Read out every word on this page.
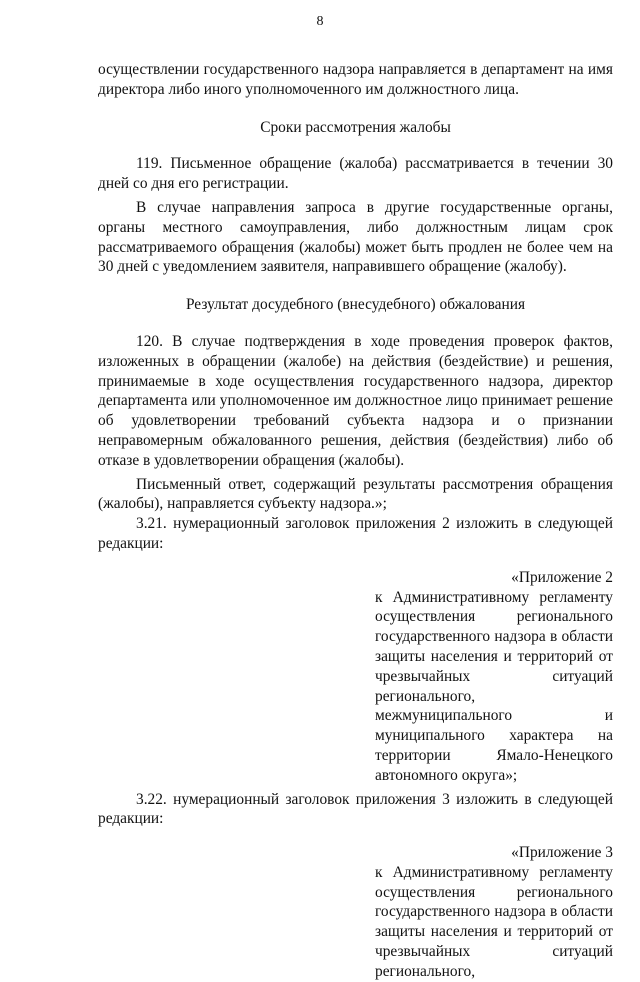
8

осуществлении государственного надзора направляется в департамент на имя директора либо иного уполномоченного им должностного лица.

Сроки рассмотрения жалобы

119. Письменное обращение (жалоба) рассматривается в течении 30 дней со дня его регистрации.

В случае направления запроса в другие государственные органы, органы местного самоуправления, либо должностным лицам срок рассматриваемого обращения (жалобы) может быть продлен не более чем на 30 дней с уведомлением заявителя, направившего обращение (жалобу).

Результат досудебного (внесудебного) обжалования

120. В случае подтверждения в ходе проведения проверок фактов, изложенных в обращении (жалобе) на действия (бездействие) и решения, принимаемые в ходе осуществления государственного надзора, директор департамента или уполномоченное им должностное лицо принимает решение об удовлетворении требований субъекта надзора и о признании неправомерным обжалованного решения, действия (бездействия) либо об отказе в удовлетворении обращения (жалобы).

Письменный ответ, содержащий результаты рассмотрения обращения (жалобы), направляется субъекту надзора.»;

3.21. нумерационный заголовок приложения 2 изложить в следующей редакции:

«Приложение 2

к Административному регламенту осуществления регионального государственного надзора в области защиты населения и территорий от чрезвычайных ситуаций регионального, межмуниципального и муниципального характера на территории Ямало-Ненецкого автономного округа»;

3.22. нумерационный заголовок приложения 3 изложить в следующей редакции:

«Приложение 3

к Административному регламенту осуществления регионального государственного надзора в области защиты населения и территорий от чрезвычайных ситуаций регионального,
